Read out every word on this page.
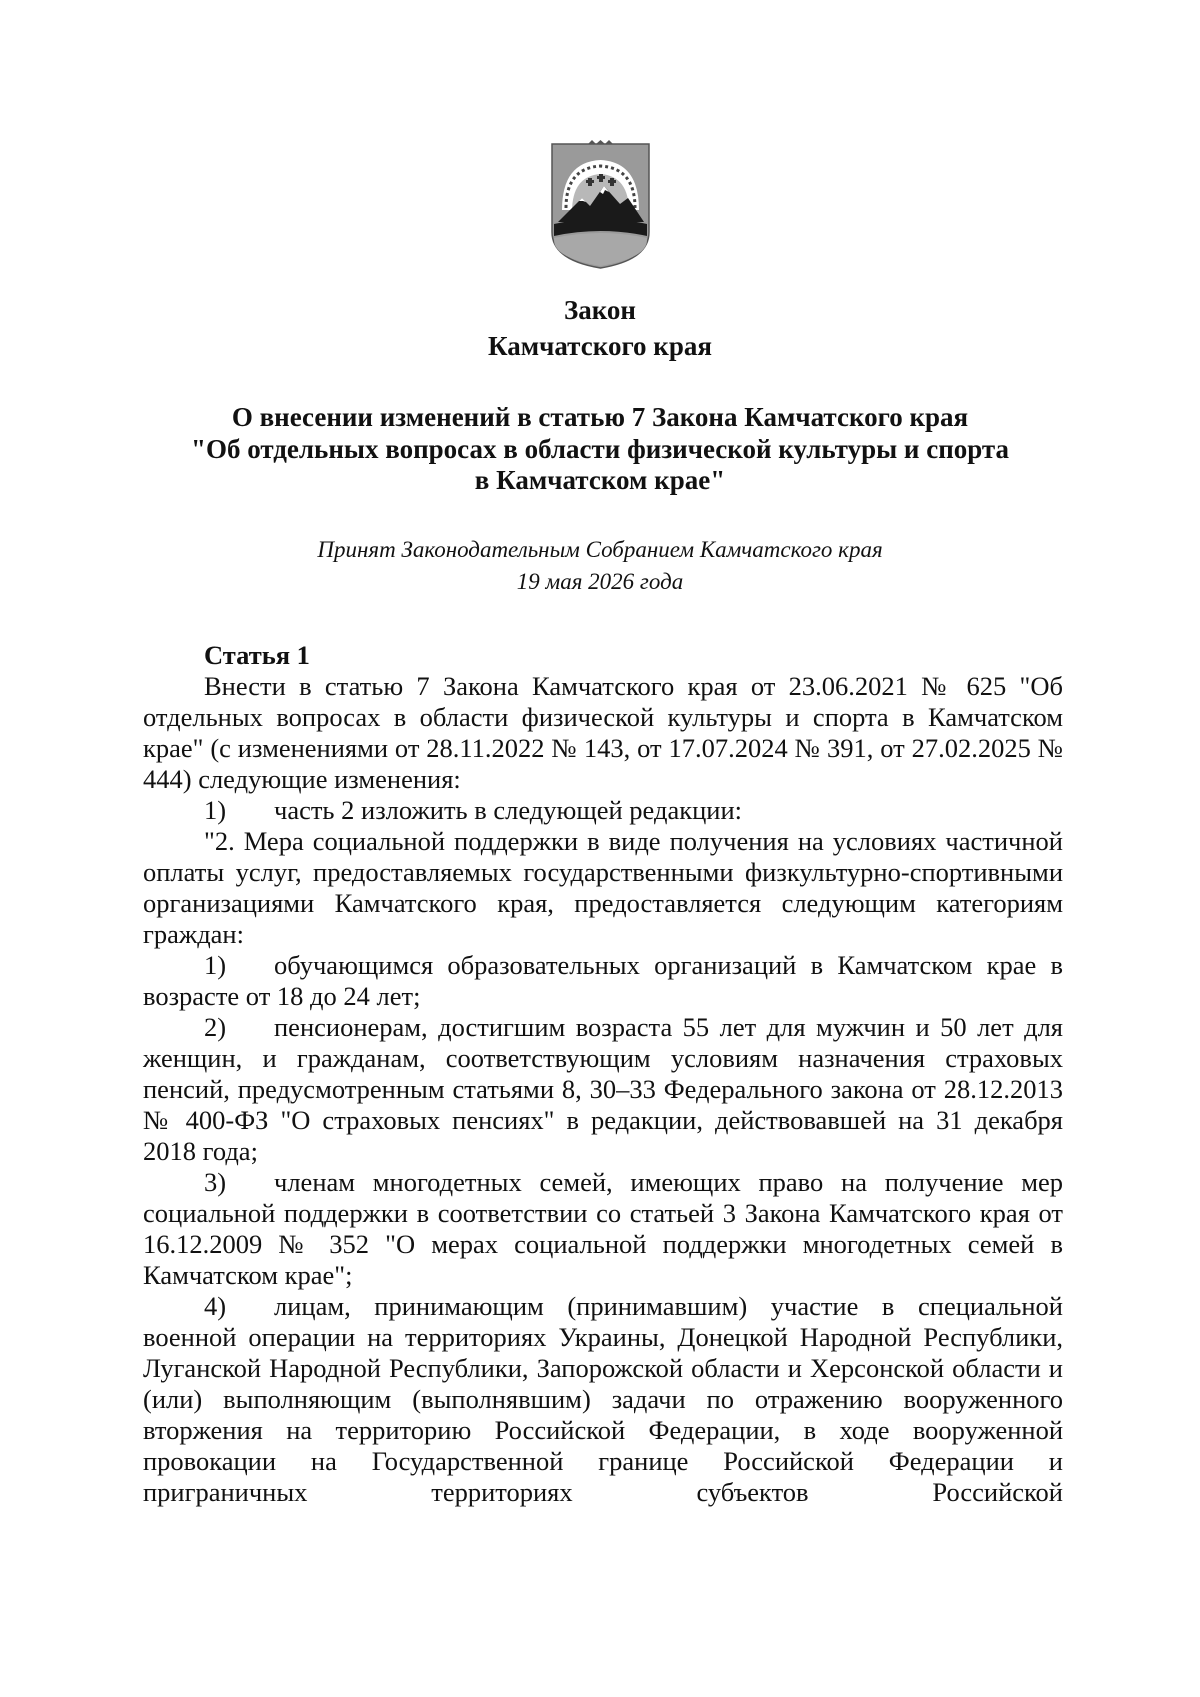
Закон
Камчатского края
О внесении изменений в статью 7 Закона Камчатского края
"Об отдельных вопросах в области физической культуры и спорта
в Камчатском крае"
Принят Законодательным Собранием Камчатского края
19 мая 2026 года

Статья 1

Внести в статью 7 Закона Камчатского края от 23.06.2021 № 625 "Об отдельных вопросах в области физической культуры и спорта в Камчатском крае" (с изменениями от 28.11.2022 № 143, от 17.07.2024 № 391, от 27.02.2025 № 444) следующие изменения:

1) часть 2 изложить в следующей редакции:

"2. Мера социальной поддержки в виде получения на условиях частичной оплаты услуг, предоставляемых государственными физкультурно-спортивными организациями Камчатского края, предоставляется следующим категориям граждан:

1) обучающимся образовательных организаций в Камчатском крае в возрасте от 18 до 24 лет;

2) пенсионерам, достигшим возраста 55 лет для мужчин и 50 лет для женщин, и гражданам, соответствующим условиям назначения страховых пенсий, предусмотренным статьями 8, 30–33 Федерального закона от 28.12.2013 № 400-ФЗ "О страховых пенсиях" в редакции, действовавшей на 31 декабря 2018 года;

3) членам многодетных семей, имеющих право на получение мер социальной поддержки в соответствии со статьей 3 Закона Камчатского края от 16.12.2009 № 352 "О мерах социальной поддержки многодетных семей в Камчатском крае";

4) лицам, принимающим (принимавшим) участие в специальной военной операции на территориях Украины, Донецкой Народной Республики, Луганской Народной Республики, Запорожской области и Херсонской области и (или) выполняющим (выполнявшим) задачи по отражению вооруженного вторжения на территорию Российской Федерации, в ходе вооруженной провокации на Государственной границе Российской Федерации и приграничных территориях субъектов Российской
